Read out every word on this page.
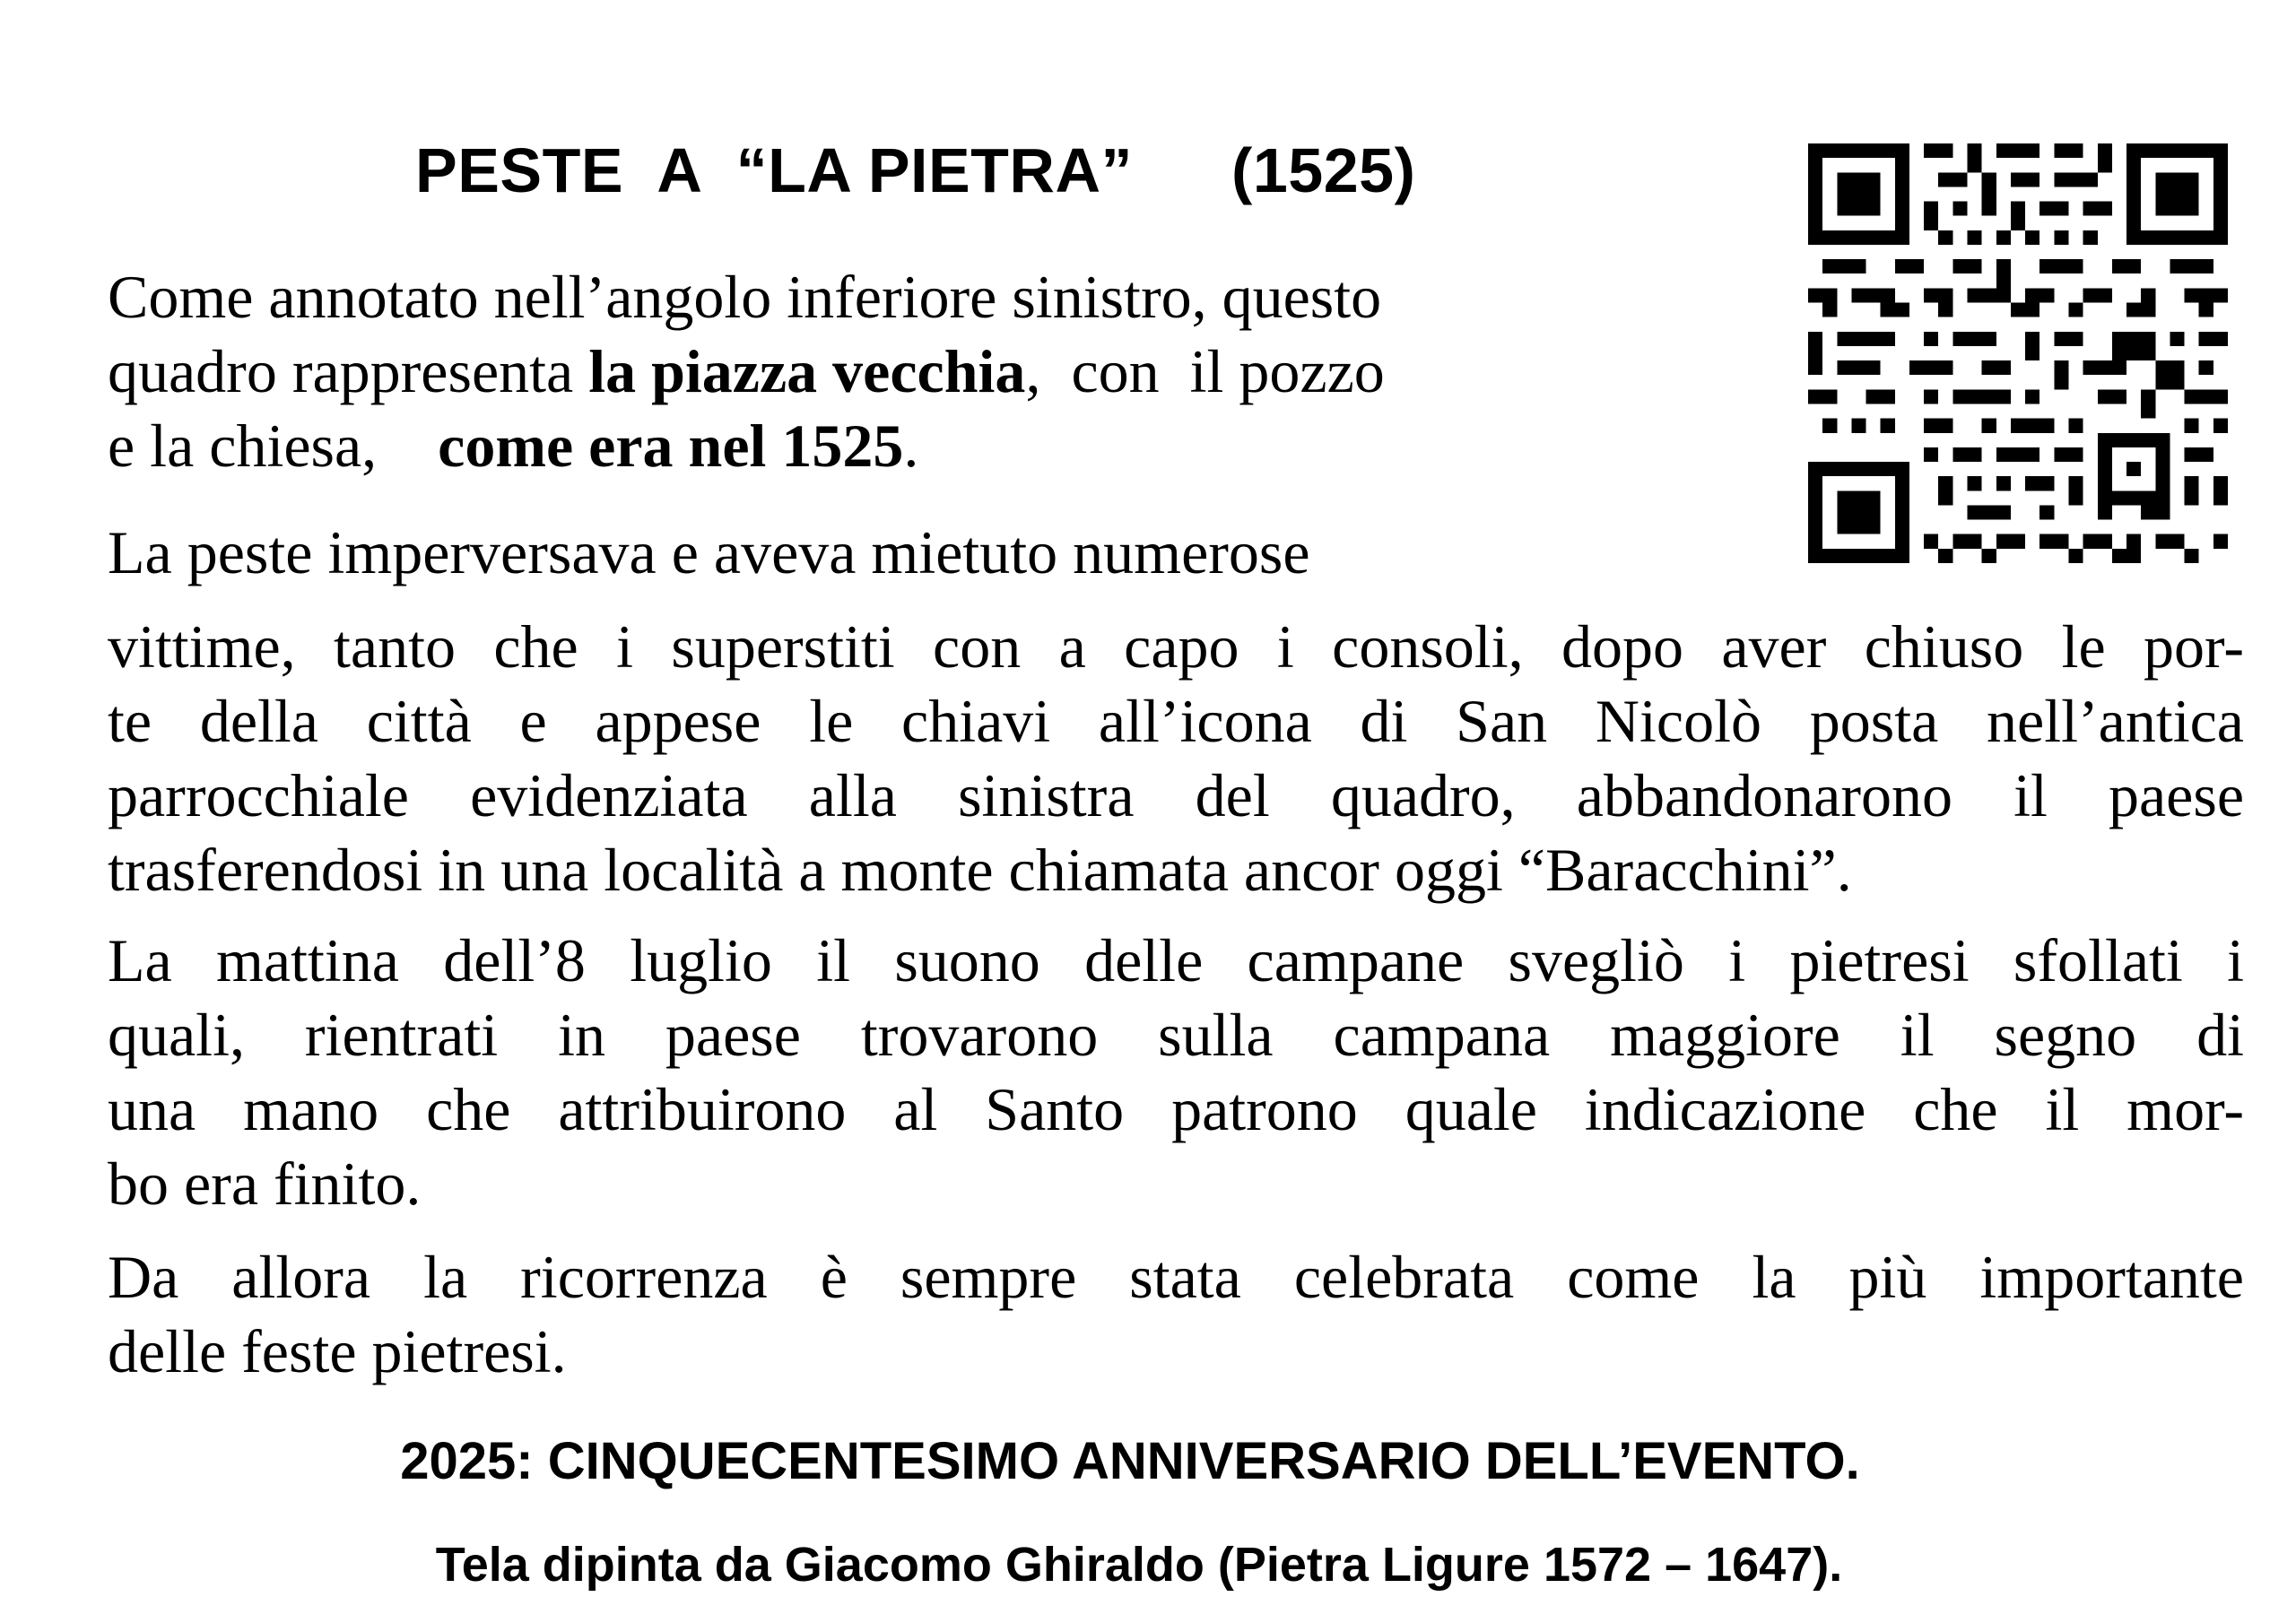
PESTE  A  “LA PIETRA” (1525)
Come annotato nell’angolo inferiore sinistro, questo
quadro rappresenta la piazza vecchia,  con  il pozzo
e la chiesa,    come era nel 1525.
La peste imperversava e aveva mietuto numerose
vittime, tanto che i superstiti con a capo i consoli, dopo aver chiuso le por-
te della città e appese le chiavi all’icona di San Nicolò posta nell’antica
parrocchiale evidenziata alla sinistra del quadro, abbandonarono il paese
trasferendosi in una località a monte chiamata ancor oggi “Baracchini”.
La mattina dell’8 luglio il suono delle campane svegliò i pietresi sfollati i
quali, rientrati in paese trovarono sulla campana maggiore il segno di
una mano che attribuirono al Santo patrono quale indicazione che il mor-
bo era finito.
Da allora la ricorrenza è sempre stata celebrata come la più importante
delle feste pietresi.
2025: CINQUECENTESIMO ANNIVERSARIO DELL’EVENTO.
Tela dipinta da Giacomo Ghiraldo (Pietra Ligure 1572 – 1647).
